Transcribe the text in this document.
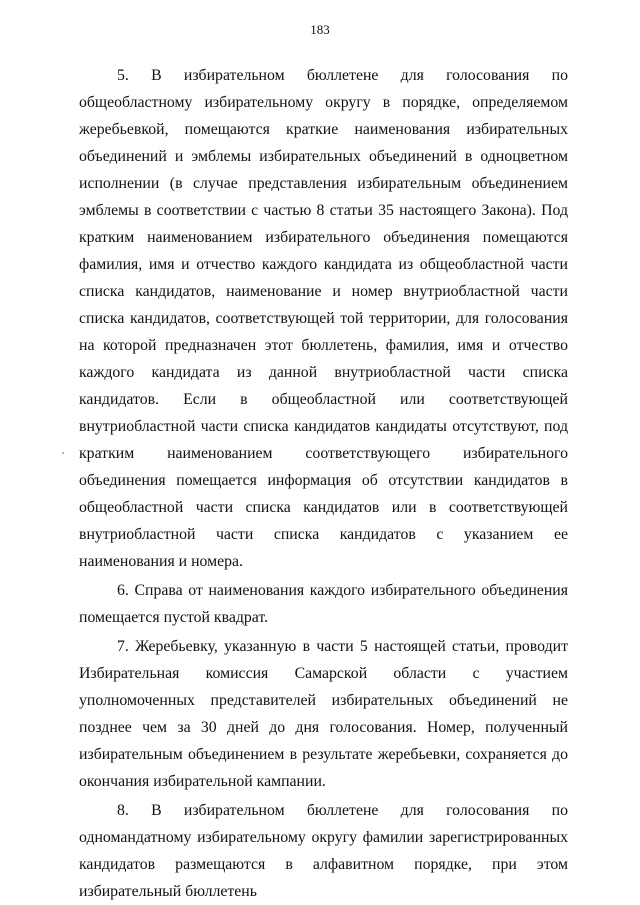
183

5. В избирательном бюллетене для голосования по общеобластному избирательному округу в порядке, определяемом жеребьевкой, помещаются краткие наименования избирательных объединений и эмблемы избирательных объединений в одноцветном исполнении (в случае представления избирательным объединением эмблемы в соответствии с частью 8 статьи 35 настоящего Закона). Под кратким наименованием избирательного объединения помещаются фамилия, имя и отчество каждого кандидата из общеобластной части списка кандидатов, наименование и номер внутриобластной части списка кандидатов, соответствующей той территории, для голосования на которой предназначен этот бюллетень, фамилия, имя и отчество каждого кандидата из данной внутриобластной части списка кандидатов. Если в общеобластной или соответствующей внутриобластной части списка кандидатов кандидаты отсутствуют, под кратким наименованием соответствующего избирательного объединения помещается информация об отсутствии кандидатов в общеобластной части списка кандидатов или в соответствующей внутриобластной части списка кандидатов с указанием ее наименования и номера.

6. Справа от наименования каждого избирательного объединения помещается пустой квадрат.

7. Жеребьевку, указанную в части 5 настоящей статьи, проводит Избирательная комиссия Самарской области с участием уполномоченных представителей избирательных объединений не позднее чем за 30 дней до дня голосования. Номер, полученный избирательным объединением в результате жеребьевки, сохраняется до окончания избирательной кампании.

8. В избирательном бюллетене для голосования по одномандатному избирательному округу фамилии зарегистрированных кандидатов размещаются в алфавитном порядке, при этом избирательный бюллетень
